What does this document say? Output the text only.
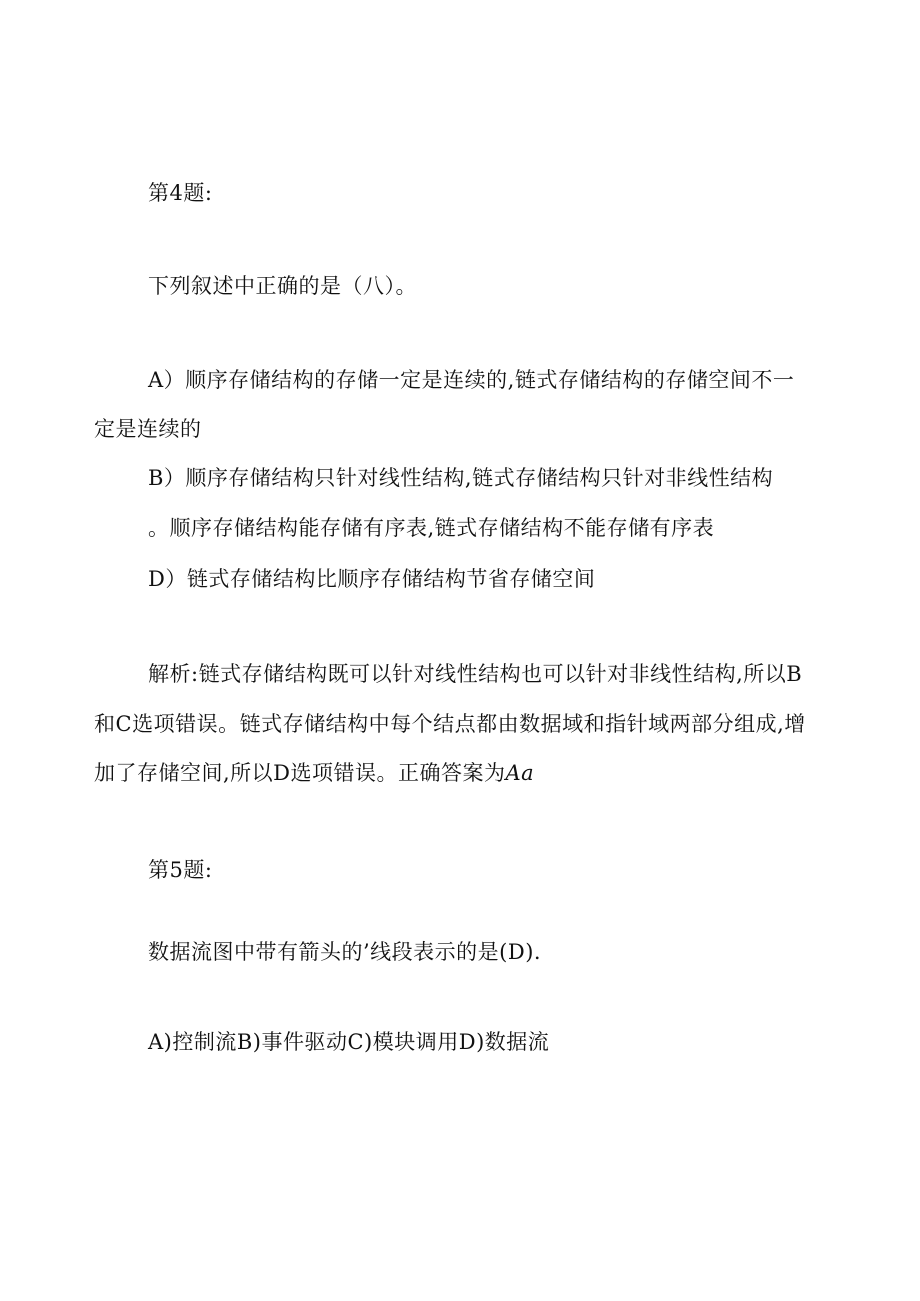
第4题:
下列叙述中正确的是（八）。
A）顺序存储结构的存储一定是连续的,链式存储结构的存储空间不一
定是连续的
B）顺序存储结构只针对线性结构,链式存储结构只针对非线性结构
。顺序存储结构能存储有序表,链式存储结构不能存储有序表
D）链式存储结构比顺序存储结构节省存储空间
解析:链式存储结构既可以针对线性结构也可以针对非线性结构,所以B
和C选项错误。链式存储结构中每个结点都由数据域和指针域两部分组成,增
加了存储空间,所以D选项错误。正确答案为Aa
第5题:
数据流图中带有箭头的’线段表示的是(D).
A)控制流B)事件驱动C)模块调用D)数据流
